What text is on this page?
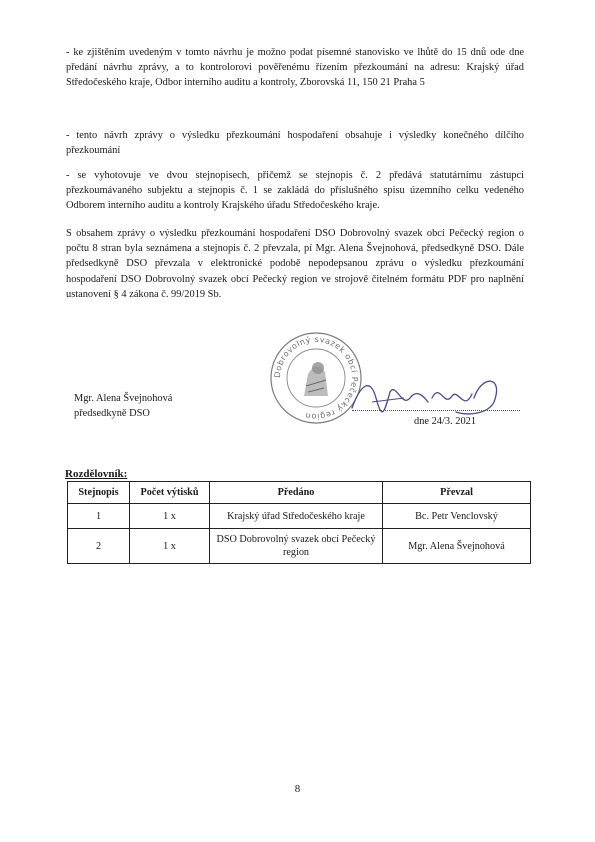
- ke zjištěním uvedeným v tomto návrhu je možno podat písemné stanovisko ve lhůtě do 15 dnů ode dne předání návrhu zprávy, a to kontrolorovi pověřenému řízením přezkoumání na adresu: Krajský úřad Středočeského kraje, Odbor interního auditu a kontroly, Zborovská 11, 150 21 Praha 5
- tento návrh zprávy o výsledku přezkoumání hospodaření obsahuje i výsledky konečného dílčího přezkoumání
- se vyhotovuje ve dvou stejnopisech, přičemž se stejnopis č. 2 předává statutárnímu zástupci přezkoumávaného subjektu a stejnopis č. 1 se zakládá do příslušného spisu územního celku vedeného Odborem interního auditu a kontroly Krajského úřadu Středočeského kraje.
S obsahem zprávy o výsledku přezkoumání hospodaření DSO Dobrovolný svazek obcí Pečecký region o počtu 8 stran byla seznámena a stejnopis č. 2 převzala, pí Mgr. Alena Švejnohová, předsedkyně DSO. Dále předsedkyně DSO převzala v elektronické podobě nepodepsanou zprávu o výsledku přezkoumání hospodaření DSO Dobrovolný svazek obcí Pečecký region ve strojově čitelném formátu PDF pro naplnění ustanovení § 4 zákona č. 99/2019 Sb.
Dobrovolný svazek obcí Pečecký region
Mgr. Alena Švejnohová
předsedkyně DSO
dne 24/3. 2021
Rozdělovník:
Stejnopis	Počet výtisků	Předáno	Převzal
1	1 x	Krajský úřad Středočeského kraje	Bc. Petr Venclovský
2	1 x	DSO Dobrovolný svazek obcí Pečecký region	Mgr. Alena Švejnohová
8
